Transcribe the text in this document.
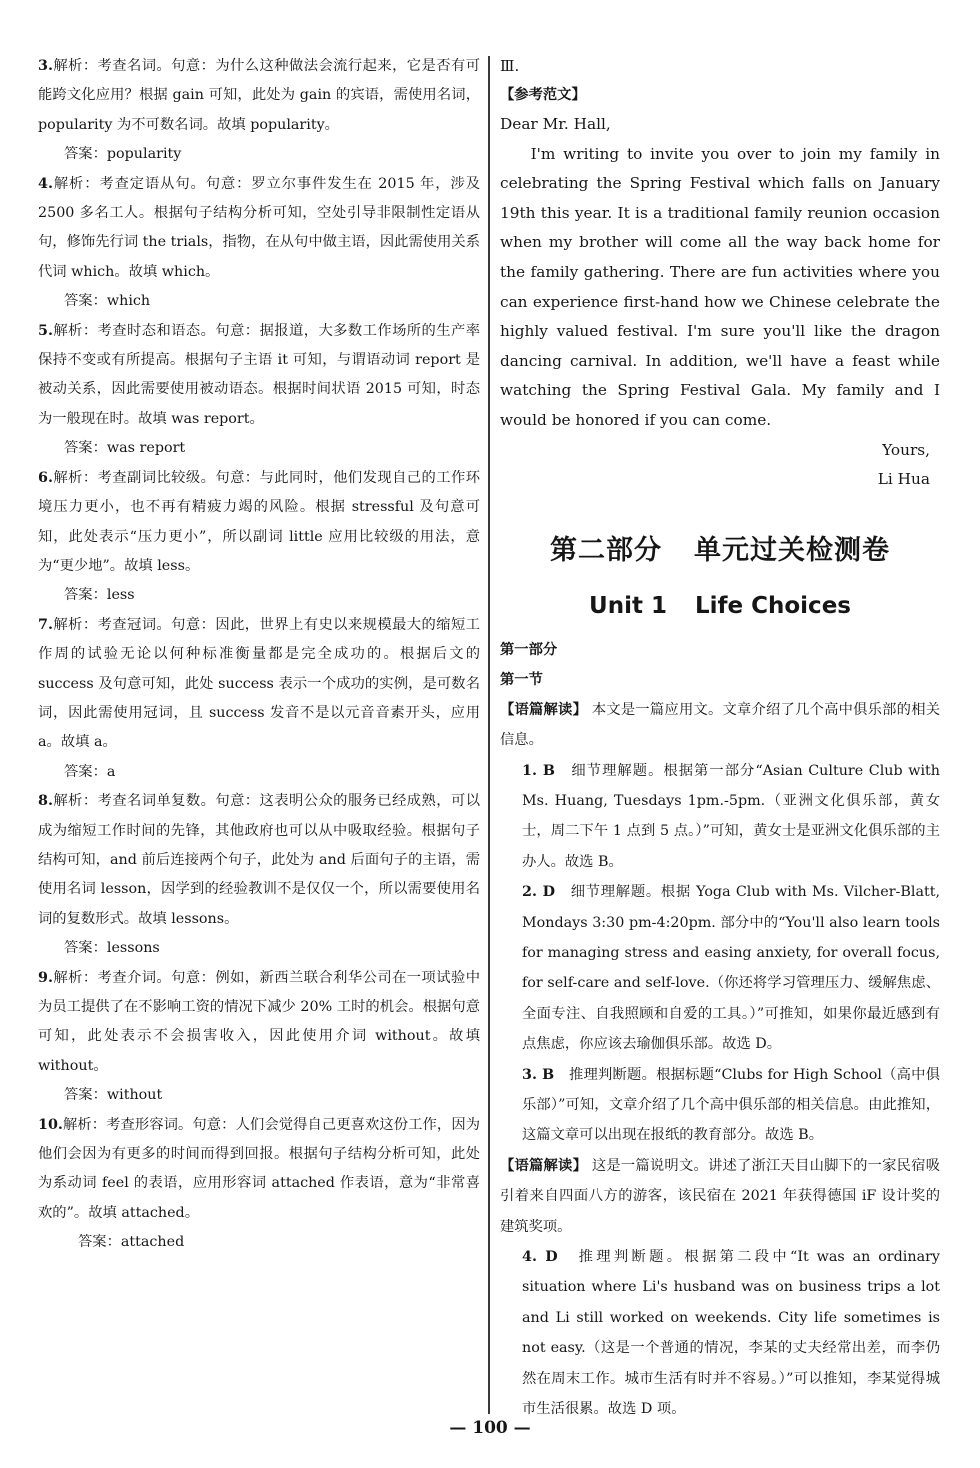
3.解析：考查名词。句意：为什么这种做法会流行起来，它是否有可能跨文化应用？根据 gain 可知，此处为 gain 的宾语，需使用名词，popularity 为不可数名词。故填 popularity。

答案：popularity

4.解析：考查定语从句。句意：罗立尔事件发生在 2015 年，涉及 2500 多名工人。根据句子结构分析可知，空处引导非限制性定语从句，修饰先行词 the trials，指物，在从句中做主语，因此需使用关系代词 which。故填 which。

答案：which

5.解析：考查时态和语态。句意：据报道，大多数工作场所的生产率保持不变或有所提高。根据句子主语 it 可知，与谓语动词 report 是被动关系，因此需要使用被动语态。根据时间状语 2015 可知，时态为一般现在时。故填 was report。

答案：was report

6.解析：考查副词比较级。句意：与此同时，他们发现自己的工作环境压力更小，也不再有精疲力竭的风险。根据 stressful 及句意可知，此处表示“压力更小”，所以副词 little 应用比较级的用法，意为“更少地”。故填 less。

答案：less

7.解析：考查冠词。句意：因此，世界上有史以来规模最大的缩短工作周的试验无论以何种标准衡量都是完全成功的。根据后文的 success 及句意可知，此处 success 表示一个成功的实例，是可数名词，因此需使用冠词，且 success 发音不是以元音音素开头，应用 a。故填 a。

答案：a

8.解析：考查名词单复数。句意：这表明公众的服务已经成熟，可以成为缩短工作时间的先锋，其他政府也可以从中吸取经验。根据句子结构可知，and 前后连接两个句子，此处为 and 后面句子的主语，需使用名词 lesson，因学到的经验教训不是仅仅一个，所以需要使用名词的复数形式。故填 lessons。

答案：lessons

9.解析：考查介词。句意：例如，新西兰联合利华公司在一项试验中为员工提供了在不影响工资的情况下减少 20% 工时的机会。根据句意可知，此处表示不会损害收入，因此使用介词 without。故填 without。

答案：without

10.解析：考查形容词。句意：人们会觉得自己更喜欢这份工作，因为他们会因为有更多的时间而得到回报。根据句子结构分析可知，此处为系动词 feel 的表语，应用形容词 attached 作表语，意为“非常喜欢的”。故填 attached。

答案：attached

Ⅲ.

【参考范文】

Dear Mr. Hall,

I'm writing to invite you over to join my family in celebrating the Spring Festival which falls on January 19th this year. It is a traditional family reunion occasion when my brother will come all the way back home for the family gathering. There are fun activities where you can experience first-hand how we Chinese celebrate the highly valued festival. I'm sure you'll like the dragon dancing carnival. In addition, we'll have a feast while watching the Spring Festival Gala. My family and I would be honored if you can come.

Yours,

Li Hua

第二部分 单元过关检测卷
Unit 1 Life Choices

第一部分

第一节

【语篇解读】 本文是一篇应用文。文章介绍了几个高中俱乐部的相关信息。

1. B　 细节理解题。根据第一部分“Asian Culture Club with Ms. Huang, Tuesdays 1pm.-5pm.（亚洲文化俱乐部，黄女士，周二下午 1 点到 5 点。）”可知，黄女士是亚洲文化俱乐部的主办人。故选 B。

2. D　 细节理解题。根据 Yoga Club with Ms. Vilcher-Blatt, Mondays 3:30 pm-4:20pm. 部分中的“You'll also learn tools for managing stress and easing anxiety, for overall focus, for self-care and self-love.（你还将学习管理压力、缓解焦虑、全面专注、自我照顾和自爱的工具。）”可推知，如果你最近感到有点焦虑，你应该去瑜伽俱乐部。故选 D。

3. B　 推理判断题。根据标题“Clubs for High School（高中俱乐部）”可知，文章介绍了几个高中俱乐部的相关信息。由此推知，这篇文章可以出现在报纸的教育部分。故选 B。

【语篇解读】 这是一篇说明文。讲述了浙江天目山脚下的一家民宿吸引着来自四面八方的游客，该民宿在 2021 年获得德国 iF 设计奖的建筑奖项。

4. D　 推理判断题。根据第二段中“It was an ordinary situation where Li's husband was on business trips a lot and Li still worked on weekends. City life sometimes is not easy.（这是一个普通的情况，李某的丈夫经常出差，而李仍然在周末工作。城市生活有时并不容易。）”可以推知，李某觉得城市生活很累。故选 D 项。

— 100 —
